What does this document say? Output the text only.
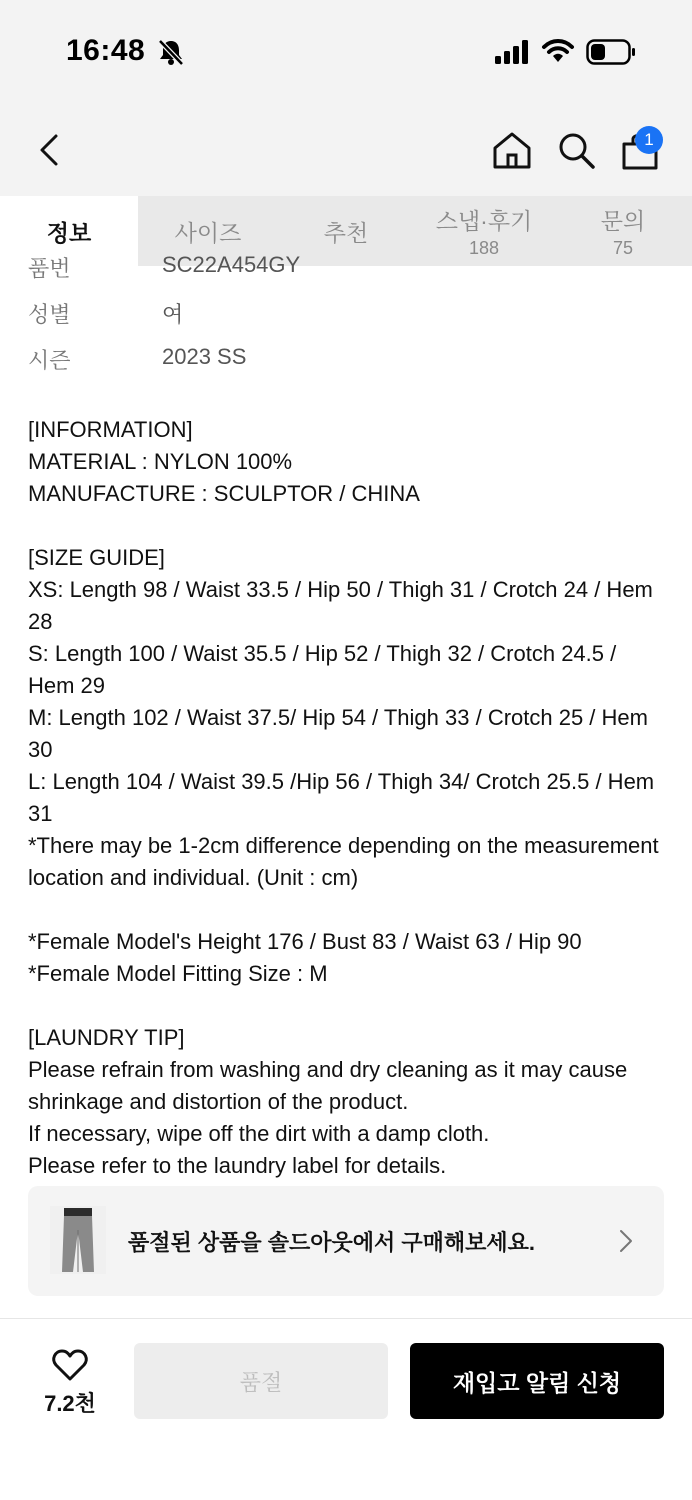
16:48
1
정보	사이즈	추천	스냅·후기
188
문의
75
품번	SC22A454GY
성별	여
시즌	2023 SS

[INFORMATION]

MATERIAL : NYLON 100%

MANUFACTURE : SCULPTOR / CHINA

[SIZE GUIDE]

XS: Length 98 / Waist 33.5 / Hip 50 / Thigh 31 / Crotch 24 / Hem 28

S: Length 100 / Waist 35.5 / Hip 52 / Thigh 32 / Crotch 24.5 / Hem 29

M: Length 102 / Waist 37.5/ Hip 54 / Thigh 33 / Crotch 25 / Hem 30

L: Length 104 / Waist 39.5 /Hip 56 / Thigh 34/ Crotch 25.5 / Hem 31

*There may be 1-2cm difference depending on the measurement location and individual. (Unit : cm)

*Female Model's Height 176 / Bust 83 / Waist 63 / Hip 90

*Female Model Fitting Size : M

[LAUNDRY TIP]

Please refrain from washing and dry cleaning as it may cause shrinkage and distortion of the product.

If necessary, wipe off the dirt with a damp cloth.

Please refer to the laundry label for details.

품절된 상품을 솔드아웃에서 구매해보세요.
7.2천
품절	재입고 알림 신청
